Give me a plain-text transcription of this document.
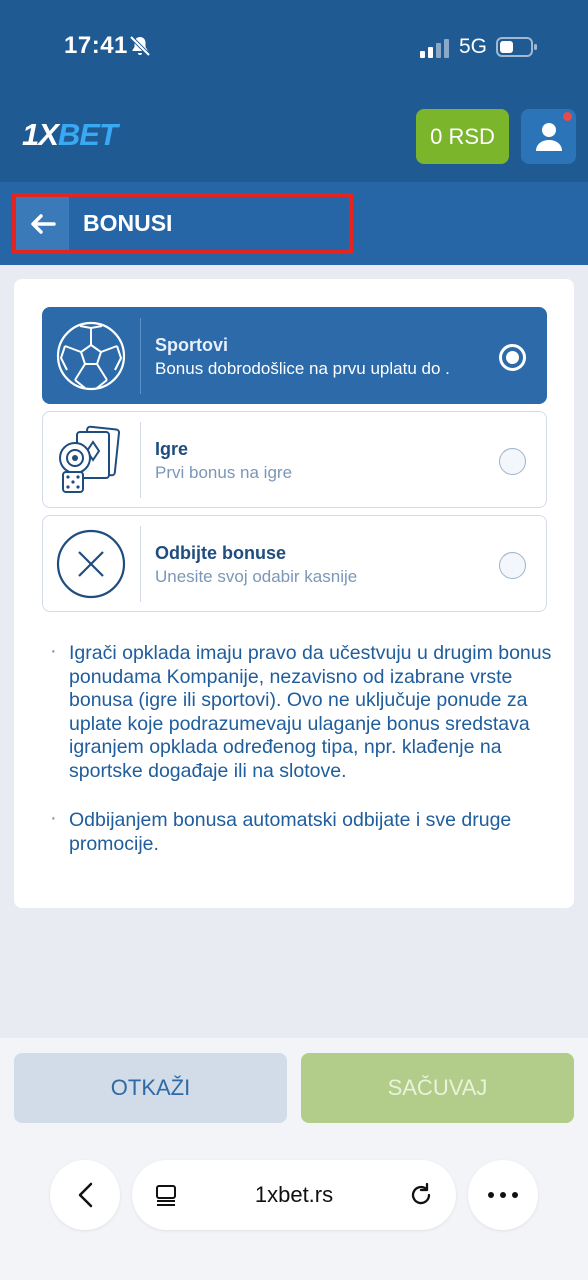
17:41	5G
1XBET	0 RSD
BONUSI
Sportovi
Bonus dobrodošlice na prvu uplatu do .
Igre
Prvi bonus na igre
Odbijte bonuse
Unesite svoj odabir kasnije

· Igrači opklada imaju pravo da učestvuju u drugim bonus ponudama Kompanije, nezavisno od izabrane vrste bonusa (igre ili sportovi). Ovo ne uključuje ponude za uplate koje podrazumevaju ulaganje bonus sredstava igranjem opklada određenog tipa, npr. klađenje na sportske događaje ili na slotove.

· Odbijanjem bonusa automatski odbijate i sve druge promocije.

OTKAŽI	SAČUVAJ
1xbet.rs
